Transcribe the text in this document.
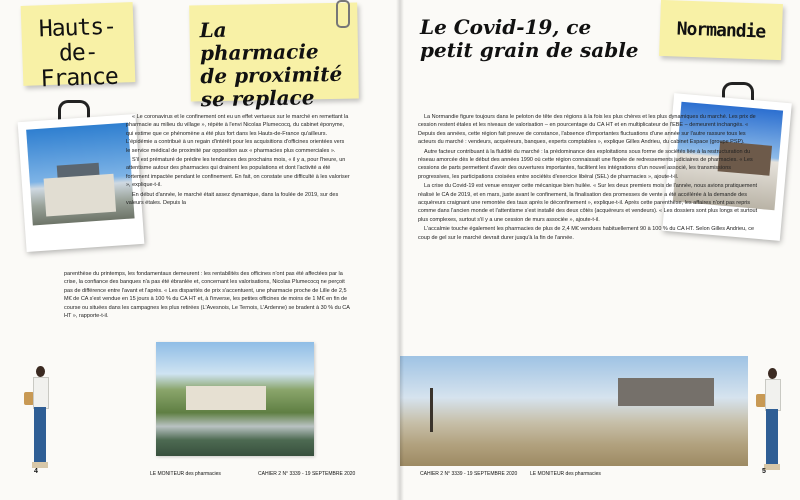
Hauts-de-France
La pharmacie de proximité se replace

« Le coronavirus et le confinement ont eu un effet vertueux sur le marché en remettant la pharmacie au milieu du village », répète à l'envi Nicolas Plumecocq, du cabinet éponyme, qui estime que ce phénomène a été plus fort dans les Hauts-de-France qu'ailleurs. L'épidémie a contribué à un regain d'intérêt pour les acquisitions d'officines orientées vers le service médical de proximité par opposition aux « pharmacies plus commerciales ».

S'il est prématuré de prédire les tendances des prochains mois, « il y a, pour l'heure, un attentisme autour des pharmacies qui drainent les populations et dont l'activité a été fortement impactée pendant le confinement. En fait, on constate une difficulté à les valoriser », explique-t-il.

En début d'année, le marché était assez dynamique, dans la foulée de 2019, sur des valeurs étales. Depuis la

parenthèse du printemps, les fondamentaux demeurent : les rentabilités des officines n'ont pas été affectées par la crise, la confiance des banques n'a pas été ébranlée et, concernant les valorisations, Nicolas Plumecocq ne perçoit pas de différence entre l'avant et l'après. « Les disparités de prix s'accentuent, une pharmacie proche de Lille de 2,5 M€ de CA s'est vendue en 15 jours à 100 % du CA HT et, à l'inverse, les petites officines de moins de 1 M€ en fin de course ou situées dans les campagnes les plus retirées (L'Avesnois, Le Ternois, L'Ardenne) se bradent à 30 % du CA HT », rapporte-t-il.

4	LE MONITEUR des pharmacies	CAHIER 2 N° 3339 - 19 SEPTEMBRE 2020
Le Covid-19, ce petit grain de sable
Normandie

La Normandie figure toujours dans le peloton de tête des régions à la fois les plus chères et les plus dynamiques du marché. Les prix de cession restent étales et les niveaux de valorisation – en pourcentage du CA HT et en multiplicateur de l'EBE – demeurent inchangés. « Depuis des années, cette région fait preuve de constance, l'absence d'importantes fluctuations d'une année sur l'autre rassure tous les acteurs du marché : vendeurs, acquéreurs, banques, experts comptables », explique Gilles Andrieu, du cabinet Espace (groupe PSP).

Autre facteur contribuant à la fluidité du marché : la prédominance des exploitations sous forme de sociétés liée à la restructuration du réseau amorcée dès le début des années 1990 où cette région connaissait une flopée de redressements judiciaires de pharmacies. « Les cessions de parts permettent d'avoir des ouvertures importantes, facilitent les intégrations d'un nouvel associé, les transmissions progressives, les participations croisées entre sociétés d'exercice libéral (SEL) de pharmacies », ajoute-t-il.

La crise du Covid-19 est venue enrayer cette mécanique bien huilée. « Sur les deux premiers mois de l'année, nous avions pratiquement réalisé le CA de 2019, et en mars, juste avant le confinement, la finalisation des promesses de vente a été accélérée à la demande des acquéreurs craignant une remontée des taux après le déconfinement », explique-t-il. Après cette parenthèse, les affaires n'ont pas repris comme dans l'ancien monde et l'attentisme s'est installé des deux côtés (acquéreurs et vendeurs). « Les dossiers sont plus longs et surtout plus complexes, surtout s'il y a une cession de murs associée », ajoute-t-il.

L'accalmie touche également les pharmacies de plus de 2,4 M€ vendues habituellement 90 à 100 % du CA HT. Selon Gilles Andrieu, ce coup de gel sur le marché devrait durer jusqu'à la fin de l'année.

CAHIER 2 N° 3339 - 19 SEPTEMBRE 2020	LE MONITEUR des pharmacies	5
